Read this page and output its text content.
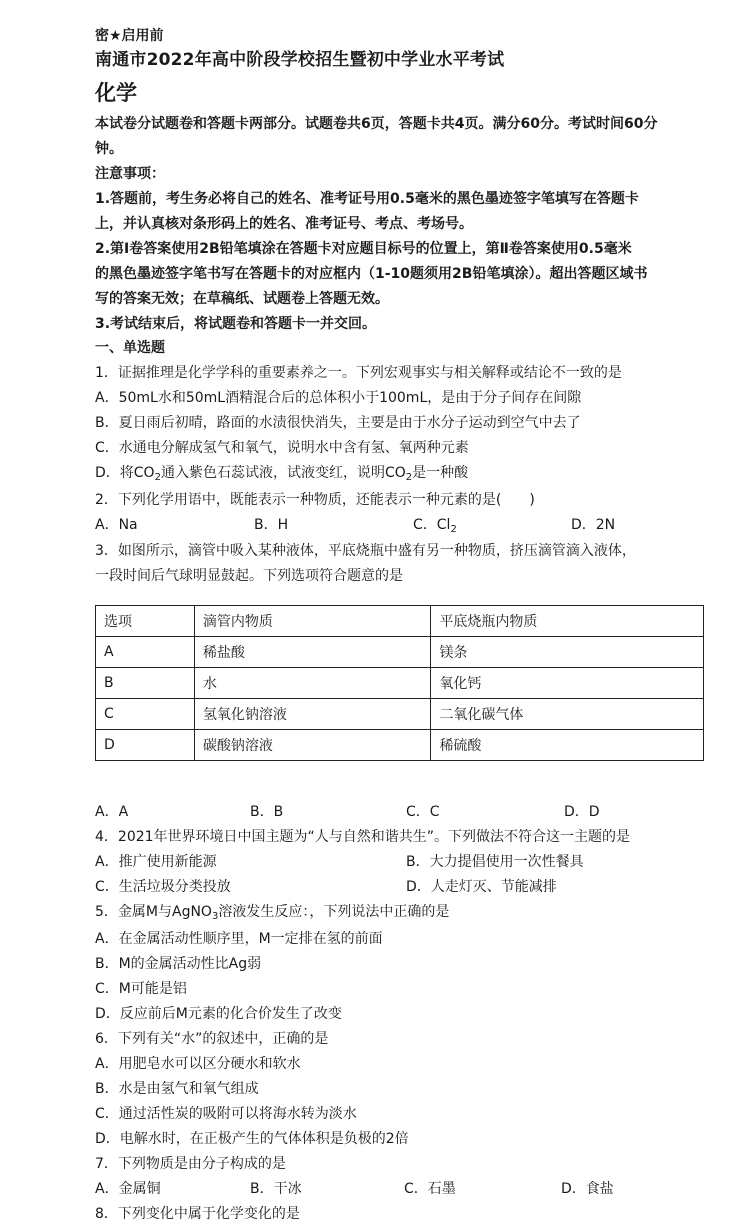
密★启用前
南通市2022年高中阶段学校招生暨初中学业水平考试
化学
本试卷分试题卷和答题卡两部分。试题卷共6页，答题卡共4页。满分60分。考试时间60分
钟。
注意事项：
1.答题前，考生务必将自己的姓名、准考证号用0.5毫米的黑色墨迹签字笔填写在答题卡
上，并认真核对条形码上的姓名、准考证号、考点、考场号。
2.第Ⅰ卷答案使用2B铅笔填涂在答题卡对应题目标号的位置上，第Ⅱ卷答案使用0.5毫米
的黑色墨迹签字笔书写在答题卡的对应框内（1-10题须用2B铅笔填涂）。超出答题区域书
写的答案无效；在草稿纸、试题卷上答题无效。
3.考试结束后，将试题卷和答题卡一并交回。
一、单选题
1．证据推理是化学学科的重要素养之一。下列宏观事实与相关解释或结论不一致的是
A．50mL水和50mL酒精混合后的总体积小于100mL，是由于分子间存在间隙
B．夏日雨后初晴，路面的水渍很快消失，主要是由于水分子运动到空气中去了
C．水通电分解成氢气和氧气，说明水中含有氢、氧两种元素
D．将$CO_2$通入紫色石蕊试液，试液变红，说明$CO_2$是一种酸
2．下列化学用语中，既能表示一种物质，还能表示一种元素的是(　　)
A．Na	B．H	C．$Cl_2$	D．2N
3．如图所示，滴管中吸入某种液体，平底烧瓶中盛有另一种物质，挤压滴管滴入液体，
一段时间后气球明显鼓起。下列选项符合题意的是
选项	滴管内物质	平底烧瓶内物质
A	稀盐酸	镁条
B	水	氧化钙
C	氢氧化钠溶液	二氧化碳气体
D	碳酸钠溶液	稀硫酸
A．A	B．B	C．C	D．D
4．2021年世界环境日中国主题为“人与自然和谐共生”。下列做法不符合这一主题的是
A．推广使用新能源	B．大力提倡使用一次性餐具
C．生活垃圾分类投放	D．人走灯灭、节能减排
5．金属M与AgNO$_3$溶液发生反应：，下列说法中正确的是
A．在金属活动性顺序里，M一定排在氢的前面
B．M的金属活动性比Ag弱
C．M可能是铝
D．反应前后M元素的化合价发生了改变
6．下列有关“水”的叙述中，正确的是
A．用肥皂水可以区分硬水和软水
B．水是由氢气和氧气组成
C．通过活性炭的吸附可以将海水转为淡水
D．电解水时，在正极产生的气体体积是负极的2倍
7．下列物质是由分子构成的是
A．金属铜	B．干冰	C．石墨	D．食盐
8．下列变化中属于化学变化的是
